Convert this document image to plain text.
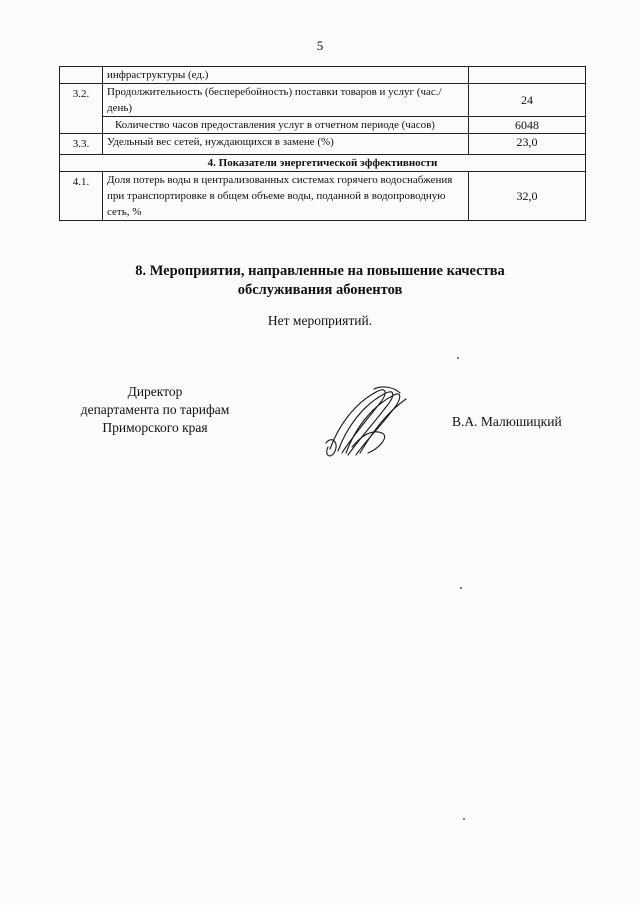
5
	инфраструктуры (ед.)	
3.2.	Продолжительность (бесперебойность) поставки товаров и услуг (час./день)	24

	Количество часов предоставления услуг в отчетном периоде (часов)	6048
3.3.	Удельный вес сетей, нуждающихся в замене (%)	23,0
4. Показатели энергетической эффективности		
4.1.	Доля потерь воды в централизованных системах горячего водоснабжения при транспортировке в общем объеме воды, поданной в водопроводную сеть, %	32,0
8. Мероприятия, направленные на повышение качества
обслуживания абонентов
Нет мероприятий.
Директор
департамента по тарифам
Приморского края	В.А. Малюшицкий
